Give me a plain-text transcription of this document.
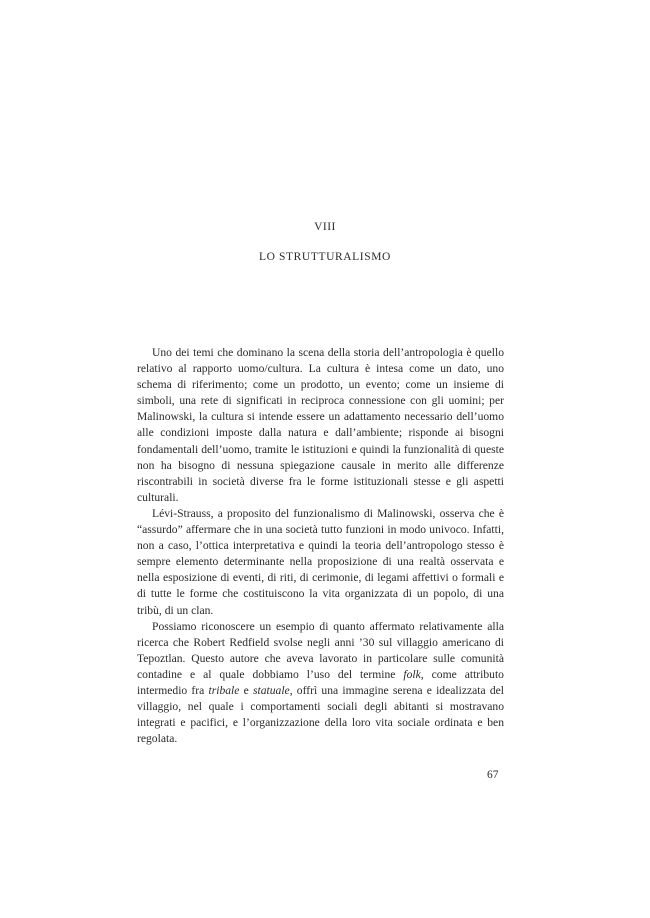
VIII
LO STRUTTURALISMO

Uno dei temi che dominano la scena della storia dell’antropologia è quello relativo al rapporto uomo/cultura. La cultura è intesa come un dato, uno schema di riferimento; come un prodotto, un evento; come un insieme di simboli, una rete di significati in reciproca connessione con gli uomini; per Malinowski, la cultura si intende essere un adattamento necessario dell’uomo alle condizioni imposte dalla natura e dall’ambiente; risponde ai bisogni fondamentali dell’uomo, tramite le istituzioni e quindi la funzionalità di queste non ha bisogno di nessuna spiegazione causale in merito alle differenze riscontrabili in società diverse fra le forme istituzionali stesse e gli aspetti culturali.

Lévi-Strauss, a proposito del funzionalismo di Malinowski, osserva che è “assurdo” affermare che in una società tutto funzioni in modo univoco. Infatti, non a caso, l’ottica interpretativa e quindi la teoria dell’antropologo stesso è sempre elemento determinante nella proposizione di una realtà osservata e nella esposizione di eventi, di riti, di cerimonie, di legami affettivi o formali e di tutte le forme che costituiscono la vita organizzata di un popolo, di una tribù, di un clan.

Possiamo riconoscere un esempio di quanto affermato relativamente alla ricerca che Robert Redfield svolse negli anni ’30 sul villaggio americano di Tepoztlan. Questo autore che aveva lavorato in particolare sulle comunità contadine e al quale dobbiamo l’uso del termine folk, come attributo intermedio fra tribale e statuale, offrì una immagine serena e idealizzata del villaggio, nel quale i comportamenti sociali degli abitanti si mostravano integrati e pacifici, e l’organizzazione della loro vita sociale ordinata e ben regolata.

67
